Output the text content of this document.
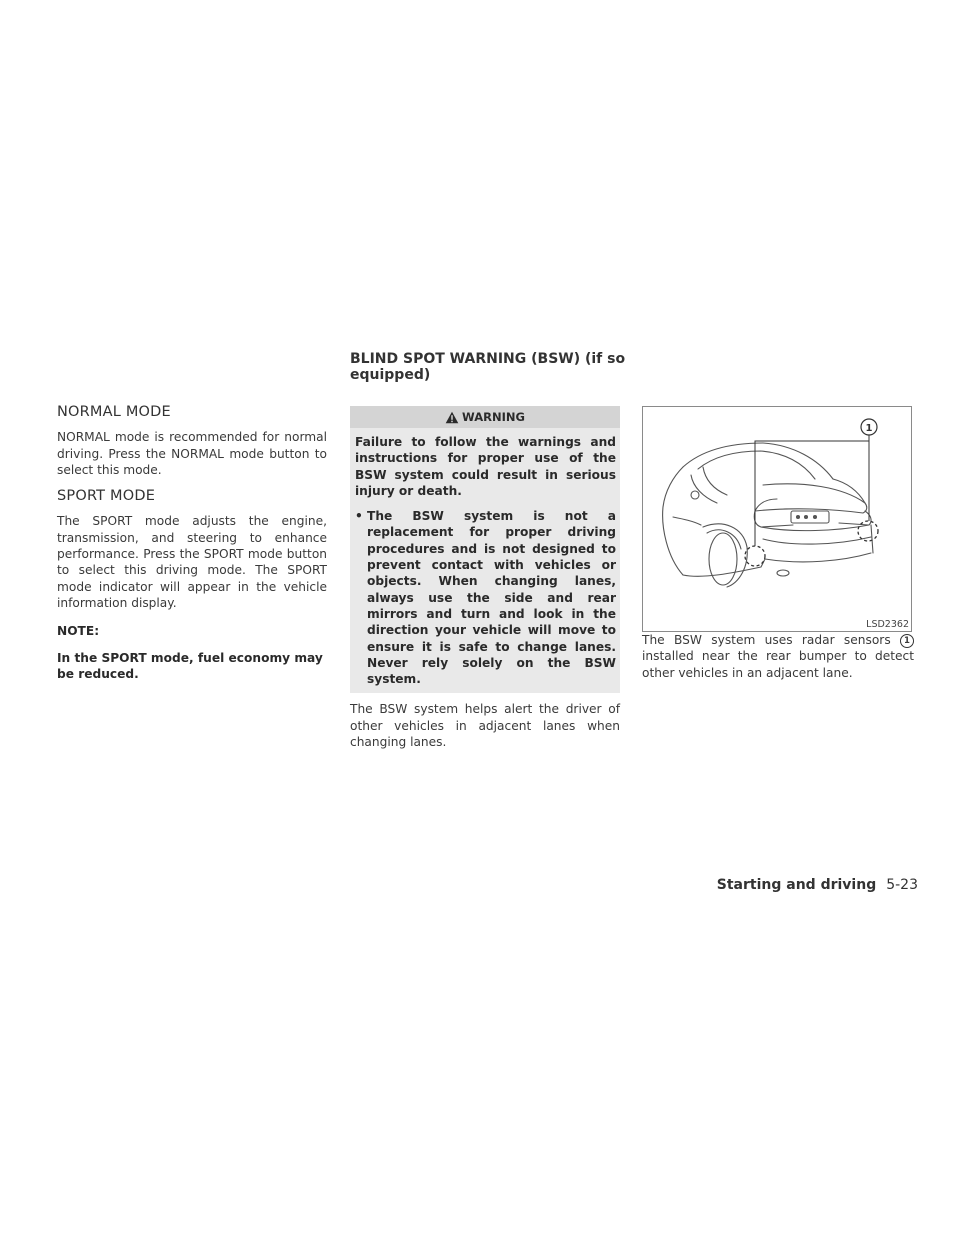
NORMAL MODE

NORMAL mode is recommended for normal driving. Press the NORMAL mode button to select this mode.

SPORT MODE

The SPORT mode adjusts the engine, transmission, and steering to enhance performance. Press the SPORT mode button to select this driving mode. The SPORT mode indicator will appear in the vehicle information display.

NOTE:

In the SPORT mode, fuel economy may be reduced.

BLIND SPOT WARNING (BSW) (if so equipped)
WARNING

Failure to follow the warnings and instructions for proper use of the BSW system could result in serious injury or death.

• The BSW system is not a replacement for proper driving procedures and is not designed to prevent contact with vehicles or objects. When changing lanes, always use the side and rear mirrors and turn and look in the direction your vehicle will move to ensure it is safe to change lanes. Never rely solely on the BSW system.

The BSW system helps alert the driver of other vehicles in adjacent lanes when changing lanes.

1
LSD2362

The BSW system uses radar sensors 1 installed near the rear bumper to detect other vehicles in an adjacent lane.

Starting and driving 5-23
